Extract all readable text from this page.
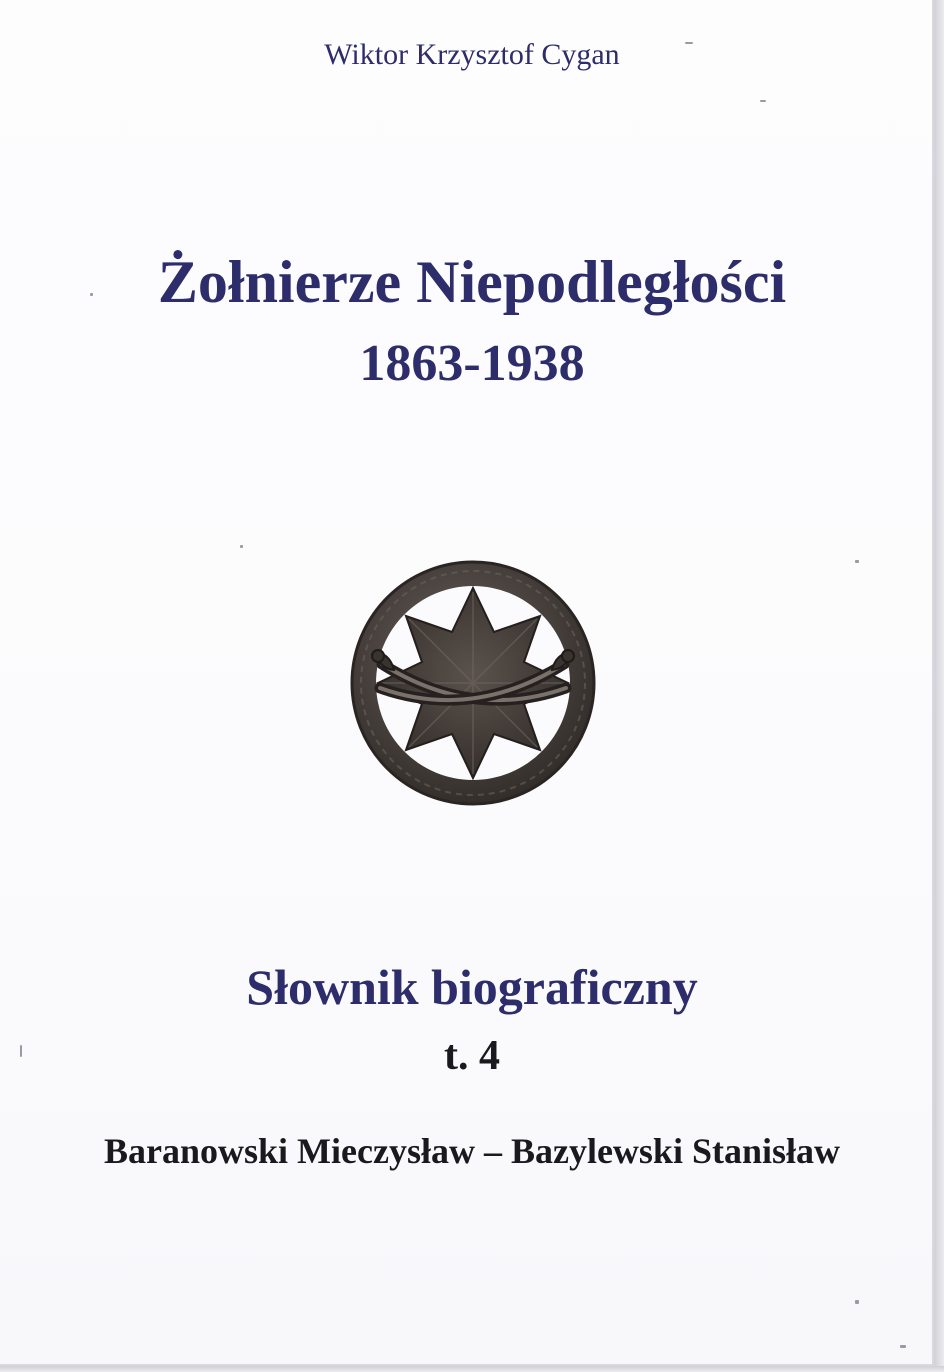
Wiktor Krzysztof Cygan

Żołnierze Niepodległości
1863-1938
Słownik biograficzny
t. 4

Baranowski Mieczysław – Bazylewski Stanisław
